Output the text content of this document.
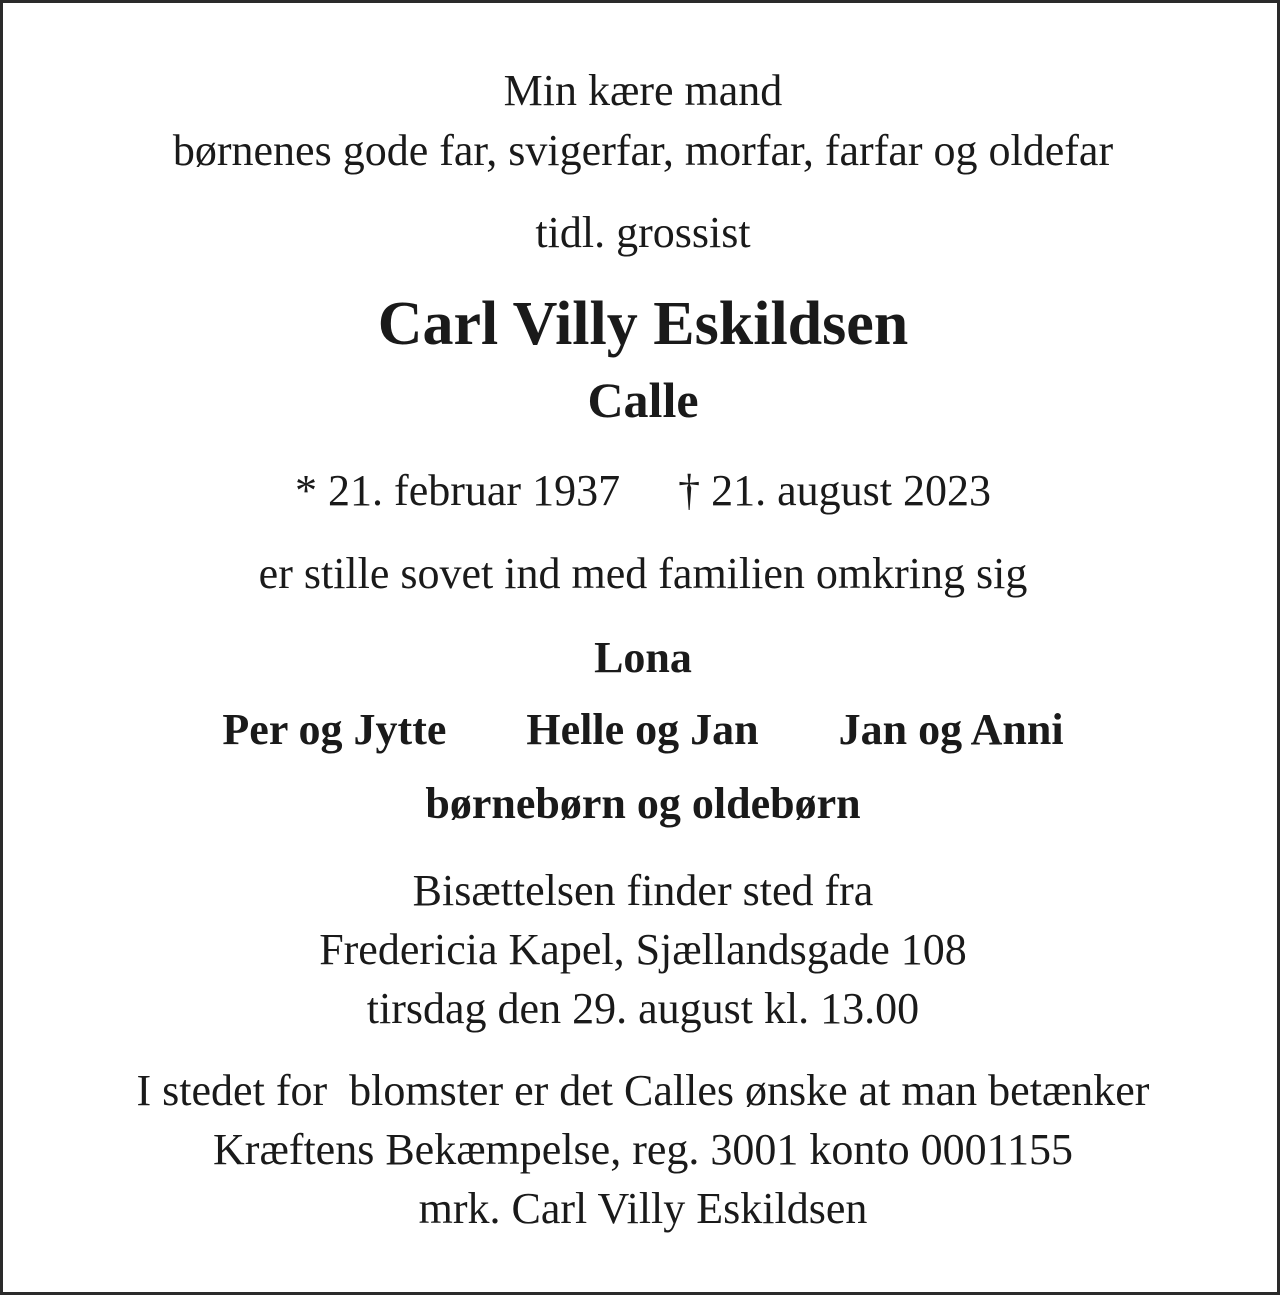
Min kære mand
børnenes gode far, svigerfar, morfar, farfar og oldefar
tidl. grossist
Carl Villy Eskildsen
Calle
* 21. februar 1937 † 21. august 2023
er stille sovet ind med familien omkring sig
Lona
Per og Jytte Helle og Jan Jan og Anni
børnebørn og oldebørn
Bisættelsen finder sted fra
Fredericia Kapel, Sjællandsgade 108
tirsdag den 29. august kl. 13.00
I stedet for  blomster er det Calles ønske at man betænker
Kræftens Bekæmpelse, reg. 3001 konto 0001155
mrk. Carl Villy Eskildsen
